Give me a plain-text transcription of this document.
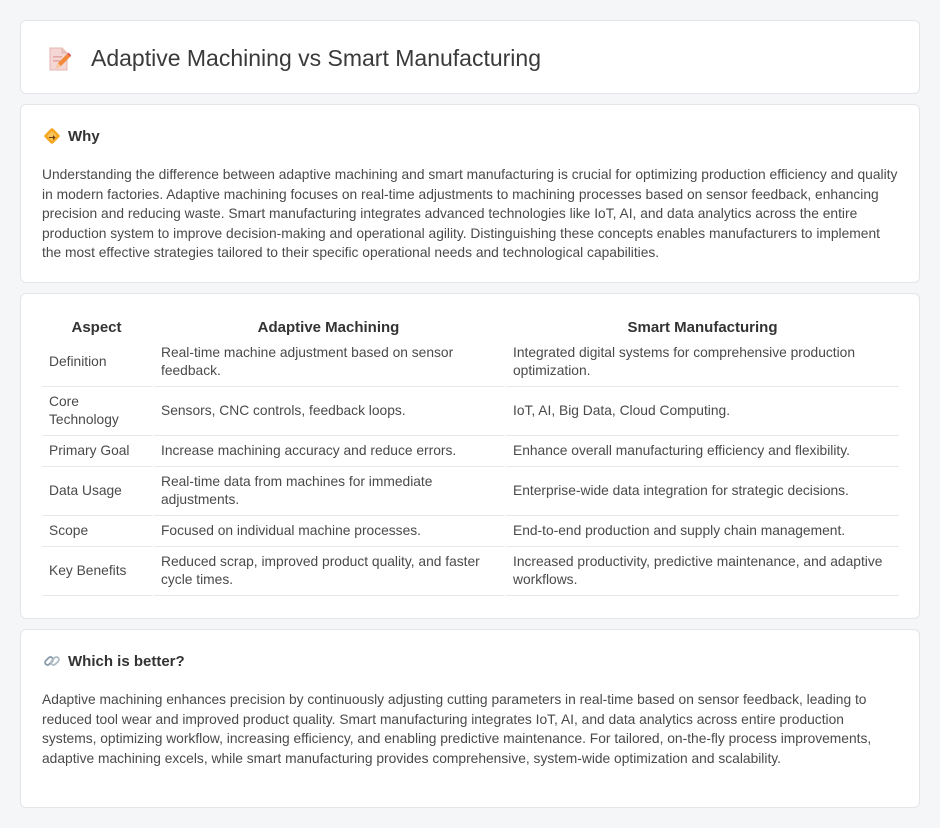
Adaptive Machining vs Smart Manufacturing
Why

Understanding the difference between adaptive machining and smart manufacturing is crucial for optimizing production efficiency and quality in modern factories. Adaptive machining focuses on real-time adjustments to machining processes based on sensor feedback, enhancing precision and reducing waste. Smart manufacturing integrates advanced technologies like IoT, AI, and data analytics across the entire production system to improve decision-making and operational agility. Distinguishing these concepts enables manufacturers to implement the most effective strategies tailored to their specific operational needs and technological capabilities.

Aspect	Adaptive Machining	Smart Manufacturing
Definition	Real-time machine adjustment based on sensor feedback.	Integrated digital systems for comprehensive production optimization.
Core Technology	Sensors, CNC controls, feedback loops.	IoT, AI, Big Data, Cloud Computing.
Primary Goal	Increase machining accuracy and reduce errors.	Enhance overall manufacturing efficiency and flexibility.
Data Usage	Real-time data from machines for immediate adjustments.	Enterprise-wide data integration for strategic decisions.
Scope	Focused on individual machine processes.	End-to-end production and supply chain management.
Key Benefits	Reduced scrap, improved product quality, and faster cycle times.	Increased productivity, predictive maintenance, and adaptive workflows.
Which is better?

Adaptive machining enhances precision by continuously adjusting cutting parameters in real-time based on sensor feedback, leading to reduced tool wear and improved product quality. Smart manufacturing integrates IoT, AI, and data analytics across entire production systems, optimizing workflow, increasing efficiency, and enabling predictive maintenance. For tailored, on-the-fly process improvements, adaptive machining excels, while smart manufacturing provides comprehensive, system-wide optimization and scalability.
